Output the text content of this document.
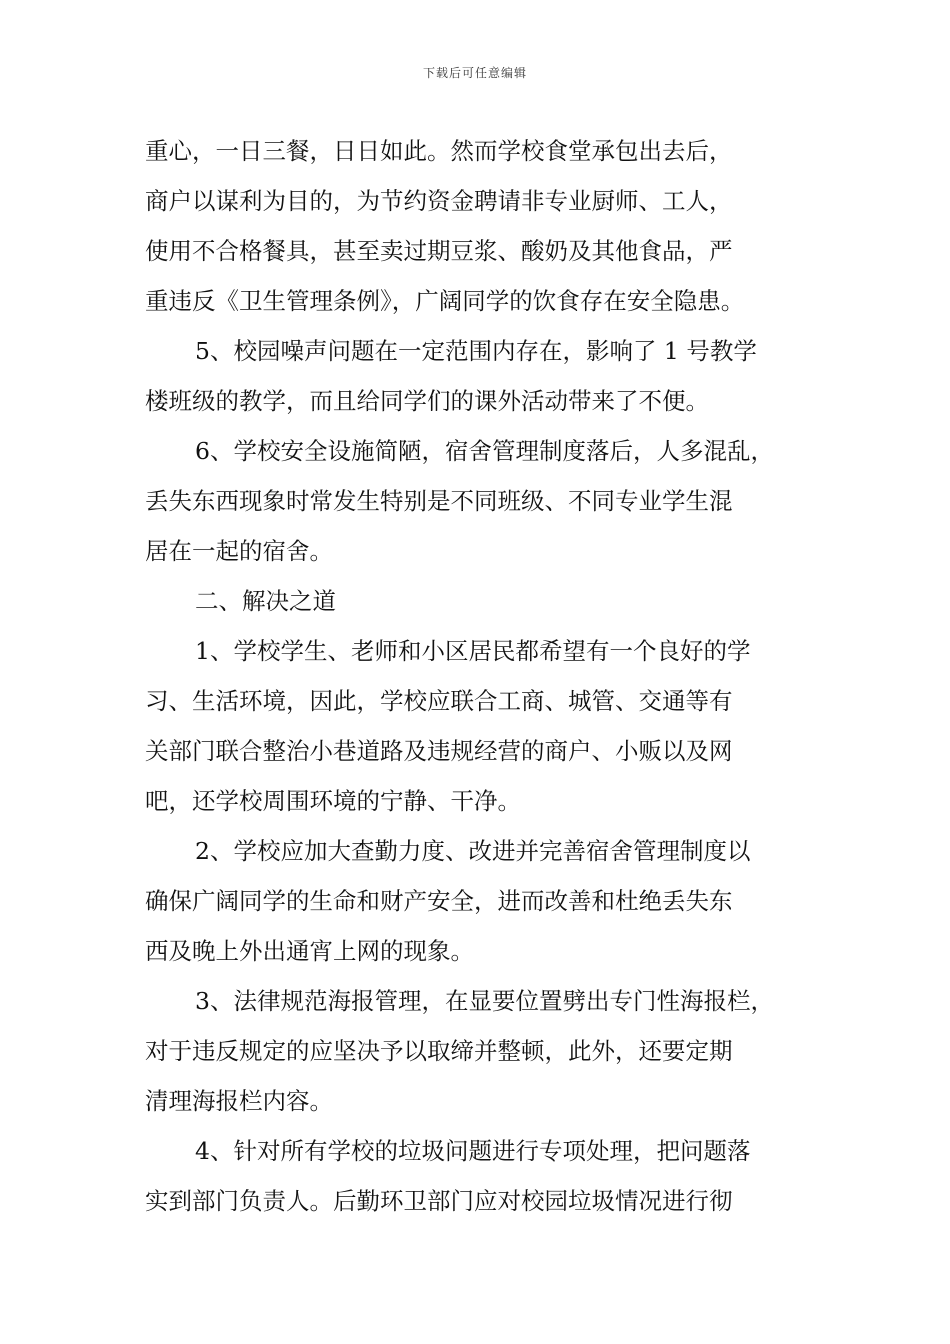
下载后可任意编辑
重心，一日三餐，日日如此。然而学校食堂承包出去后，
商户以谋利为目的，为节约资金聘请非专业厨师、工人，
使用不合格餐具，甚至卖过期豆浆、酸奶及其他食品，严
重违反《卫生管理条例》，广阔同学的饮食存在安全隐患。
5、校园噪声问题在一定范围内存在，影响了 1 号教学
楼班级的教学，而且给同学们的课外活动带来了不便。
6、学校安全设施简陋，宿舍管理制度落后，人多混乱，
丢失东西现象时常发生特别是不同班级、不同专业学生混
居在一起的宿舍。
二、解决之道
1、学校学生、老师和小区居民都希望有一个良好的学
习、生活环境，因此，学校应联合工商、城管、交通等有
关部门联合整治小巷道路及违规经营的商户、小贩以及网
吧，还学校周围环境的宁静、干净。
2、学校应加大查勤力度、改进并完善宿舍管理制度以
确保广阔同学的生命和财产安全，进而改善和杜绝丢失东
西及晚上外出通宵上网的现象。
3、法律规范海报管理，在显要位置劈出专门性海报栏，
对于违反规定的应坚决予以取缔并整顿，此外，还要定期
清理海报栏内容。
4、针对所有学校的垃圾问题进行专项处理，把问题落
实到部门负责人。后勤环卫部门应对校园垃圾情况进行彻
